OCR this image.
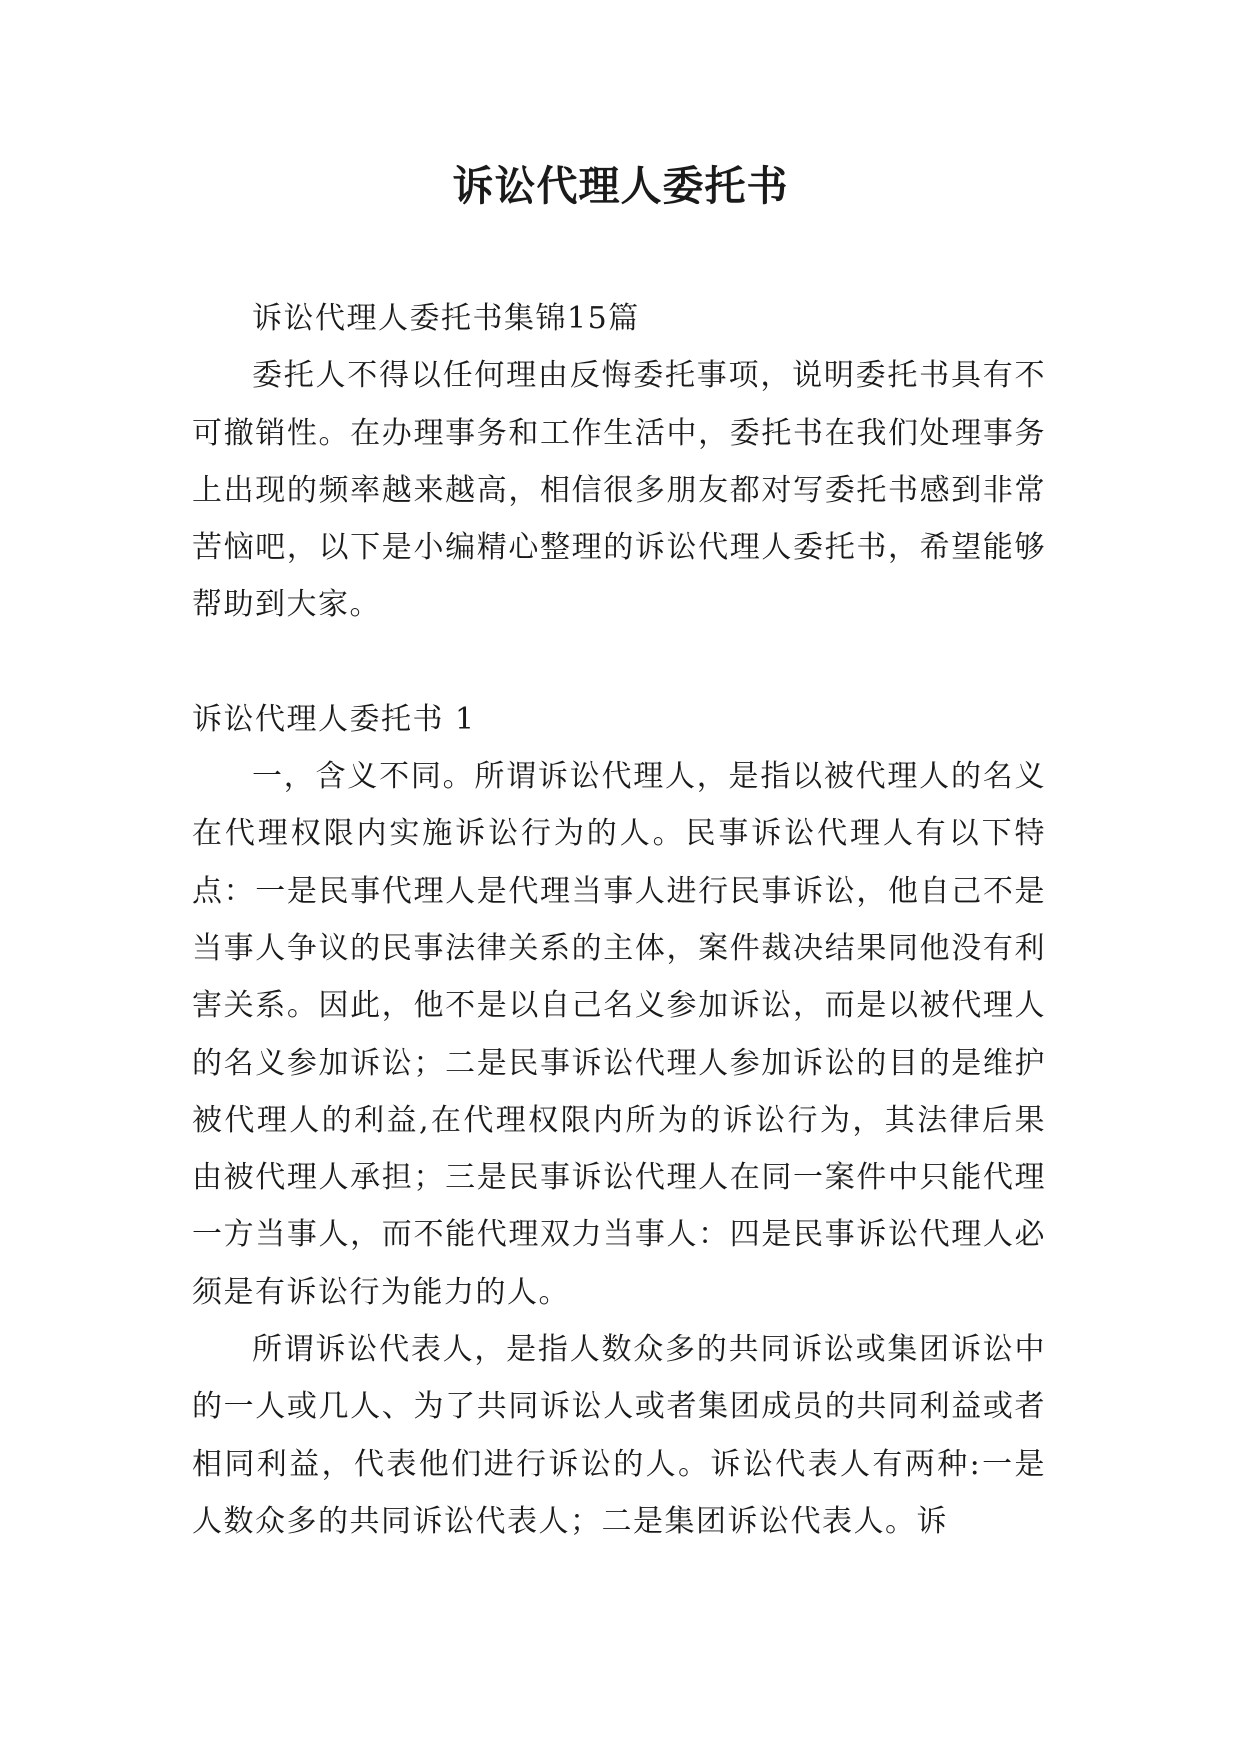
诉讼代理人委托书

诉讼代理人委托书集锦15篇

委托人不得以任何理由反悔委托事项，说明委托书具有不可撤销性。在办理事务和工作生活中，委托书在我们处理事务上出现的频率越来越高，相信很多朋友都对写委托书感到非常苦恼吧，以下是小编精心整理的诉讼代理人委托书，希望能够帮助到大家。

诉讼代理人委托书 1

一，含义不同。所谓诉讼代理人，是指以被代理人的名义在代理权限内实施诉讼行为的人。民事诉讼代理人有以下特点：一是民事代理人是代理当事人进行民事诉讼，他自己不是当事人争议的民事法律关系的主体，案件裁决结果同他没有利害关系。因此，他不是以自己名义参加诉讼，而是以被代理人的名义参加诉讼；二是民事诉讼代理人参加诉讼的目的是维护被代理人的利益,在代理权限内所为的诉讼行为，其法律后果由被代理人承担；三是民事诉讼代理人在同一案件中只能代理一方当事人，而不能代理双力当事人：四是民事诉讼代理人必须是有诉讼行为能力的人。

所谓诉讼代表人，是指人数众多的共同诉讼或集团诉讼中的一人或几人、为了共同诉讼人或者集团成员的共同利益或者相同利益，代表他们进行诉讼的人。诉讼代表人有两种:一是人数众多的共同诉讼代表人；二是集团诉讼代表人。诉
